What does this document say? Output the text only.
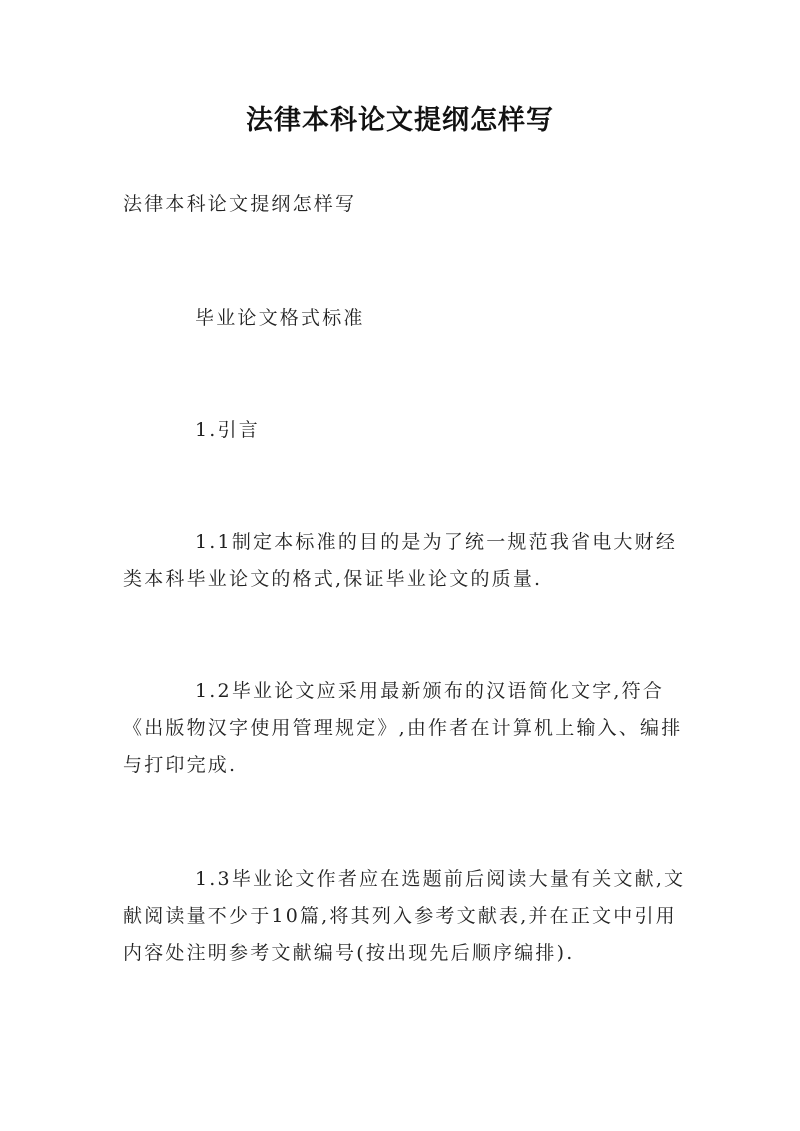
法律本科论文提纲怎样写

法律本科论文提纲怎样写

毕业论文格式标准

1.引言

1.1制定本标准的目的是为了统一规范我省电大财经类本科毕业论文的格式,保证毕业论文的质量.

1.2毕业论文应采用最新颁布的汉语简化文字,符合《出版物汉字使用管理规定》,由作者在计算机上输入、编排与打印完成.

1.3毕业论文作者应在选题前后阅读大量有关文献,文献阅读量不少于10篇,将其列入参考文献表,并在正文中引用内容处注明参考文献编号(按出现先后顺序编排).
